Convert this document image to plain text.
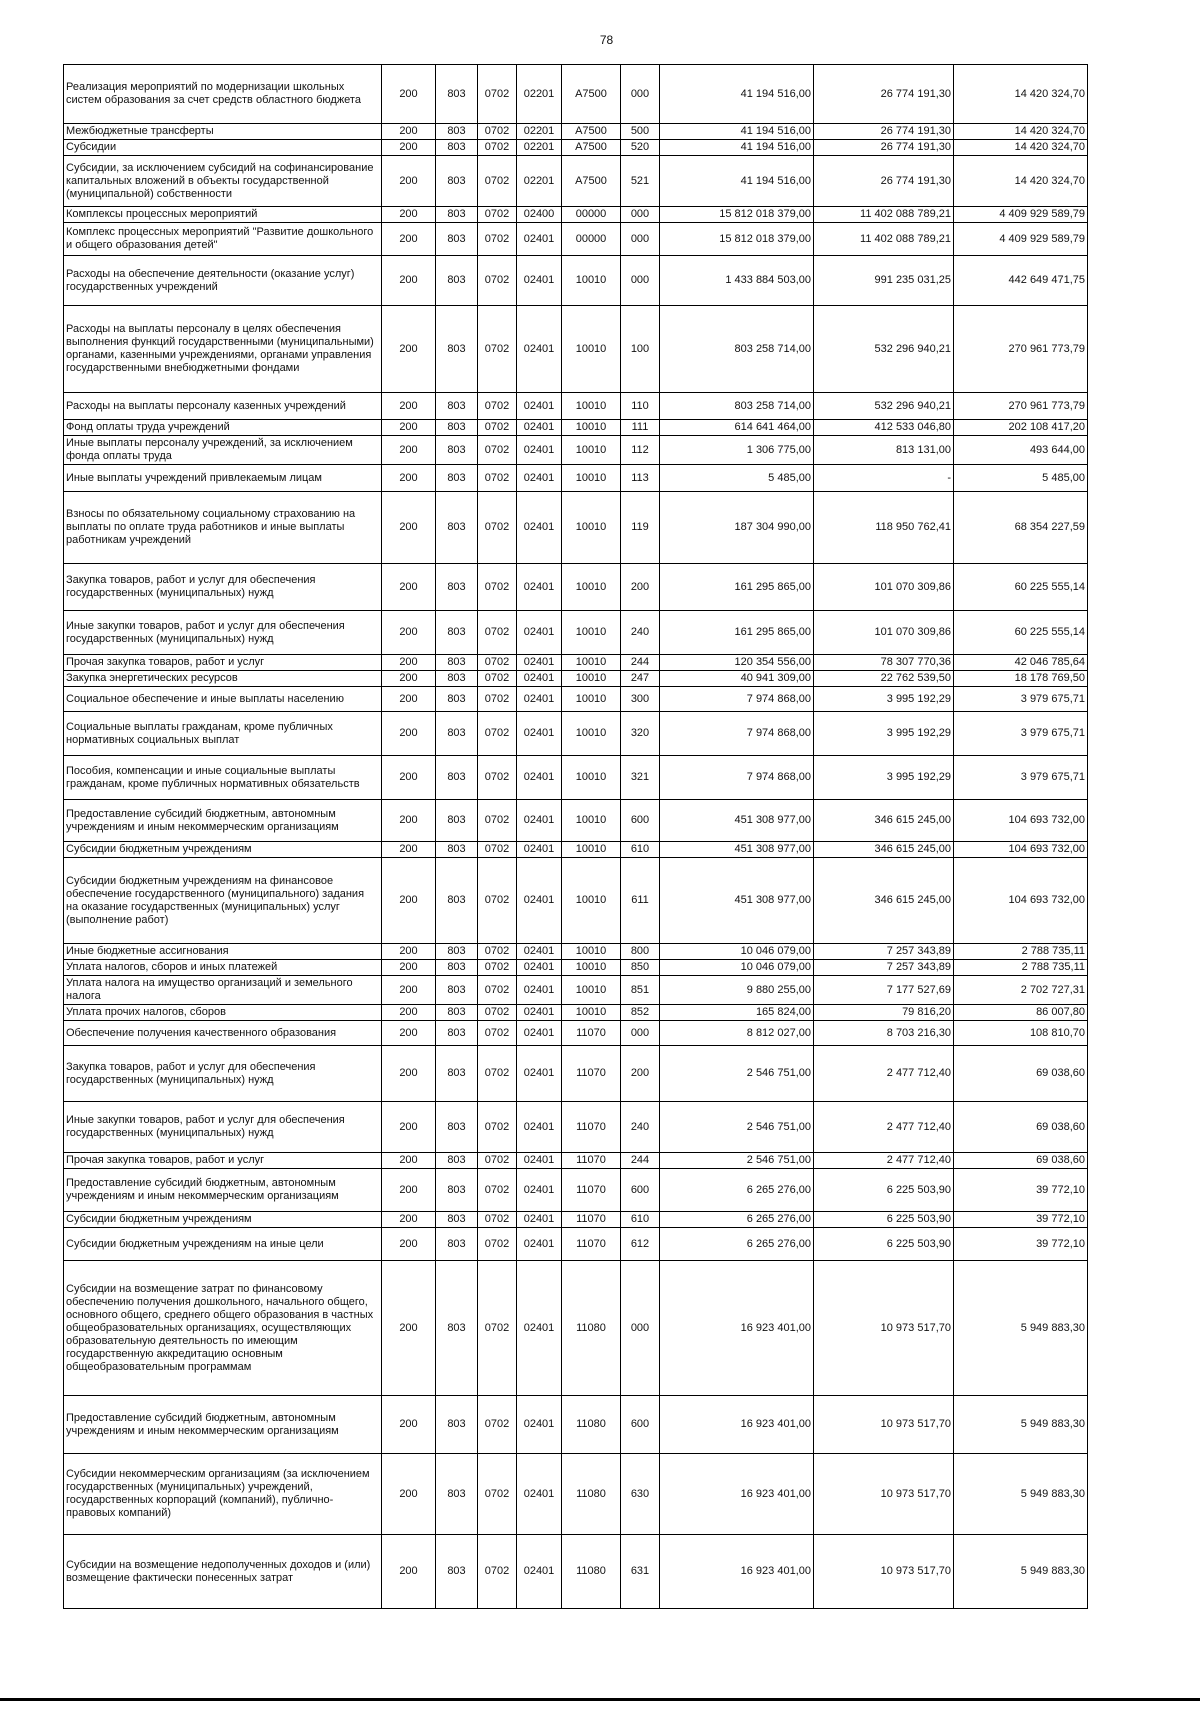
78
Реализация мероприятий по модернизации школьных систем образования за счет средств областного бюджета	200	803	0702	02201	А7500	000	41 194 516,00	26 774 191,30	14 420 324,70
Межбюджетные трансферты	200	803	0702	02201	А7500	500	41 194 516,00	26 774 191,30	14 420 324,70
Субсидии	200	803	0702	02201	А7500	520	41 194 516,00	26 774 191,30	14 420 324,70
Субсидии, за исключением субсидий на софинансирование капитальных вложений в объекты государственной (муниципальной) собственности	200	803	0702	02201	А7500	521	41 194 516,00	26 774 191,30	14 420 324,70
Комплексы процессных мероприятий	200	803	0702	02400	00000	000	15 812 018 379,00	11 402 088 789,21	4 409 929 589,79
Комплекс процессных мероприятий "Развитие дошкольного и общего образования детей"	200	803	0702	02401	00000	000	15 812 018 379,00	11 402 088 789,21	4 409 929 589,79
Расходы на обеспечение деятельности (оказание услуг) государственных учреждений	200	803	0702	02401	10010	000	1 433 884 503,00	991 235 031,25	442 649 471,75
Расходы на выплаты персоналу в целях обеспечения выполнения функций государственными (муниципальными) органами, казенными учреждениями, органами управления государственными внебюджетными фондами	200	803	0702	02401	10010	100	803 258 714,00	532 296 940,21	270 961 773,79
Расходы на выплаты персоналу казенных учреждений	200	803	0702	02401	10010	110	803 258 714,00	532 296 940,21	270 961 773,79
Фонд оплаты труда учреждений	200	803	0702	02401	10010	111	614 641 464,00	412 533 046,80	202 108 417,20
Иные выплаты персоналу учреждений, за исключением фонда оплаты труда	200	803	0702	02401	10010	112	1 306 775,00	813 131,00	493 644,00
Иные выплаты учреждений привлекаемым лицам	200	803	0702	02401	10010	113	5 485,00	-	5 485,00
Взносы по обязательному социальному страхованию на выплаты по оплате труда работников и иные выплаты работникам учреждений	200	803	0702	02401	10010	119	187 304 990,00	118 950 762,41	68 354 227,59
Закупка товаров, работ и услуг для обеспечения государственных (муниципальных) нужд	200	803	0702	02401	10010	200	161 295 865,00	101 070 309,86	60 225 555,14
Иные закупки товаров, работ и услуг для обеспечения государственных (муниципальных) нужд	200	803	0702	02401	10010	240	161 295 865,00	101 070 309,86	60 225 555,14
Прочая закупка товаров, работ и услуг	200	803	0702	02401	10010	244	120 354 556,00	78 307 770,36	42 046 785,64
Закупка энергетических ресурсов	200	803	0702	02401	10010	247	40 941 309,00	22 762 539,50	18 178 769,50
Социальное обеспечение и иные выплаты населению	200	803	0702	02401	10010	300	7 974 868,00	3 995 192,29	3 979 675,71
Социальные выплаты гражданам, кроме публичных нормативных социальных выплат	200	803	0702	02401	10010	320	7 974 868,00	3 995 192,29	3 979 675,71
Пособия, компенсации и иные социальные выплаты гражданам, кроме публичных нормативных обязательств	200	803	0702	02401	10010	321	7 974 868,00	3 995 192,29	3 979 675,71
Предоставление субсидий бюджетным, автономным учреждениям и иным некоммерческим организациям	200	803	0702	02401	10010	600	451 308 977,00	346 615 245,00	104 693 732,00
Субсидии бюджетным учреждениям	200	803	0702	02401	10010	610	451 308 977,00	346 615 245,00	104 693 732,00
Субсидии бюджетным учреждениям на финансовое обеспечение государственного (муниципального) задания на оказание государственных (муниципальных) услуг (выполнение работ)	200	803	0702	02401	10010	611	451 308 977,00	346 615 245,00	104 693 732,00
Иные бюджетные ассигнования	200	803	0702	02401	10010	800	10 046 079,00	7 257 343,89	2 788 735,11
Уплата налогов, сборов и иных платежей	200	803	0702	02401	10010	850	10 046 079,00	7 257 343,89	2 788 735,11
Уплата налога на имущество организаций и земельного налога	200	803	0702	02401	10010	851	9 880 255,00	7 177 527,69	2 702 727,31
Уплата прочих налогов, сборов	200	803	0702	02401	10010	852	165 824,00	79 816,20	86 007,80
Обеспечение получения качественного образования	200	803	0702	02401	11070	000	8 812 027,00	8 703 216,30	108 810,70
Закупка товаров, работ и услуг для обеспечения государственных (муниципальных) нужд	200	803	0702	02401	11070	200	2 546 751,00	2 477 712,40	69 038,60
Иные закупки товаров, работ и услуг для обеспечения государственных (муниципальных) нужд	200	803	0702	02401	11070	240	2 546 751,00	2 477 712,40	69 038,60
Прочая закупка товаров, работ и услуг	200	803	0702	02401	11070	244	2 546 751,00	2 477 712,40	69 038,60
Предоставление субсидий бюджетным, автономным учреждениям и иным некоммерческим организациям	200	803	0702	02401	11070	600	6 265 276,00	6 225 503,90	39 772,10
Субсидии бюджетным учреждениям	200	803	0702	02401	11070	610	6 265 276,00	6 225 503,90	39 772,10
Субсидии бюджетным учреждениям на иные цели	200	803	0702	02401	11070	612	6 265 276,00	6 225 503,90	39 772,10
Субсидии на возмещение затрат по финансовому обеспечению получения дошкольного, начального общего, основного общего, среднего общего образования в частных общеобразовательных организациях, осуществляющих образовательную деятельность по имеющим государственную аккредитацию основным общеобразовательным программам	200	803	0702	02401	11080	000	16 923 401,00	10 973 517,70	5 949 883,30
Предоставление субсидий бюджетным, автономным учреждениям и иным некоммерческим организациям	200	803	0702	02401	11080	600	16 923 401,00	10 973 517,70	5 949 883,30
Субсидии некоммерческим организациям (за исключением государственных (муниципальных) учреждений, государственных корпораций (компаний), публично-правовых компаний)	200	803	0702	02401	11080	630	16 923 401,00	10 973 517,70	5 949 883,30
Субсидии на возмещение недополученных доходов и (или) возмещение фактически понесенных затрат	200	803	0702	02401	11080	631	16 923 401,00	10 973 517,70	5 949 883,30
